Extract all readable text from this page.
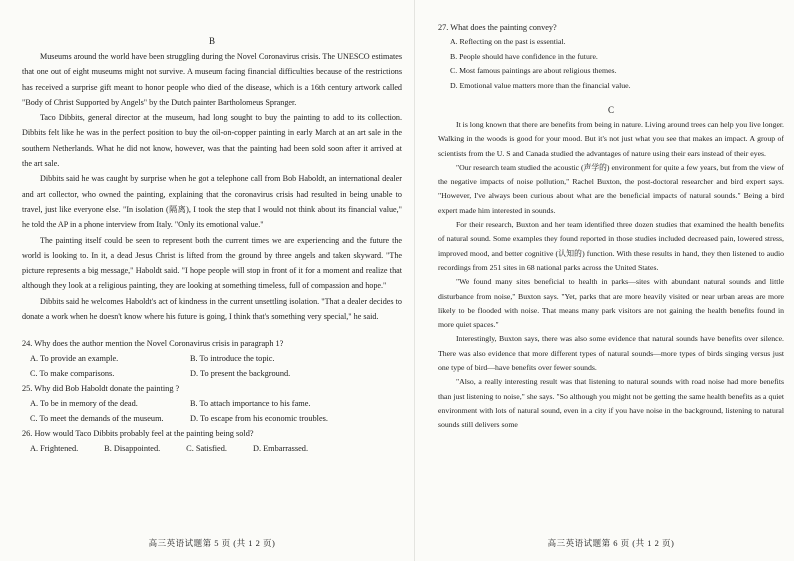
B

Museums around the world have been struggling during the Novel Coronavirus crisis. The UNESCO estimates that one out of eight museums might not survive. A museum facing financial difficulties because of the restrictions has received a surprise gift meant to honor people who died of the disease, which is a 16th century artwork called "Body of Christ Supported by Angels" by the Dutch painter Bartholomeus Spranger.

Taco Dibbits, general director at the museum, had long sought to buy the painting to add to its collection. Dibbits felt like he was in the perfect position to buy the oil-on-copper painting in early March at an art sale in the southern Netherlands. What he did not know, however, was that the painting had been sold soon after it arrived at the art sale.

Dibbits said he was caught by surprise when he got a telephone call from Bob Haboldt, an international dealer and art collector, who owned the painting, explaining that the coronavirus crisis had resulted in being unable to travel, just like everyone else. "In isolation (隔离), I took the step that I would not think about its financial value," he told the AP in a phone interview from Italy. "Only its emotional value."

The painting itself could be seen to represent both the current times we are experiencing and the future the world is looking to. In it, a dead Jesus Christ is lifted from the ground by three angels and taken skyward. "The picture represents a big message," Haboldt said. "I hope people will stop in front of it for a moment and realize that although they look at a religious painting, they are looking at something timeless, full of compassion and hope."

Dibbits said he welcomes Haboldt's act of kindness in the current unsettling isolation. "That a dealer decides to donate a work when he doesn't know where his future is going, I think that's something very special," he said.

24. Why does the author mention the Novel Coronavirus crisis in paragraph 1?

A. To provide an example.	B. To introduce the topic.
C. To make comparisons.	D. To present the background.

25. Why did Bob Haboldt donate the painting ?

A. To be in memory of the dead.	B. To attach importance to his fame.
C. To meet the demands of the museum.	D. To escape from his economic troubles.

26. How would Taco Dibbits probably feel at the painting being sold?

A. Frightened.	B. Disappointed.	C. Satisfied.	D. Embarrassed.
高三英语试题第 5 页 (共 1 2 页)

27. What does the painting convey?

A. Reflecting on the past is essential.
B. People should have confidence in the future.
C. Most famous paintings are about religious themes.
D. Emotional value matters more than the financial value.

C

It is long known that there are benefits from being in nature. Living around trees can help you live longer. Walking in the woods is good for your mood. But it's not just what you see that makes an impact. A group of scientists from the U. S and Canada studied the advantages of nature using their ears instead of their eyes.

"Our research team studied the acoustic (声学的) environment for quite a few years, but from the view of the negative impacts of noise pollution," Rachel Buxton, the post-doctoral researcher and bird expert says. "However, I've always been curious about what are the beneficial impacts of natural sounds." Being a bird expert made him interested in sounds.

For their research, Buxton and her team identified three dozen studies that examined the health benefits of natural sound. Some examples they found reported in those studies included decreased pain, lowered stress, improved mood, and better cognitive (认知的) function. With these results in hand, they then listened to audio recordings from 251 sites in 68 national parks across the United States.

"We found many sites beneficial to health in parks—sites with abundant natural sounds and little disturbance from noise," Buxton says. "Yet, parks that are more heavily visited or near urban areas are more likely to be flooded with noise. That means many park visitors are not gaining the health benefits found in more quiet spaces."

Interestingly, Buxton says, there was also some evidence that natural sounds have benefits over silence. There was also evidence that more different types of natural sounds—more types of birds singing versus just one type of bird—have benefits over fewer sounds.

"Also, a really interesting result was that listening to natural sounds with road noise had more benefits than just listening to noise," she says. "So although you might not be getting the same health benefits as a quiet environment with lots of natural sound, even in a city if you have noise in the background, listening to natural sounds still delivers some

高三英语试题第 6 页 (共 1 2 页)
